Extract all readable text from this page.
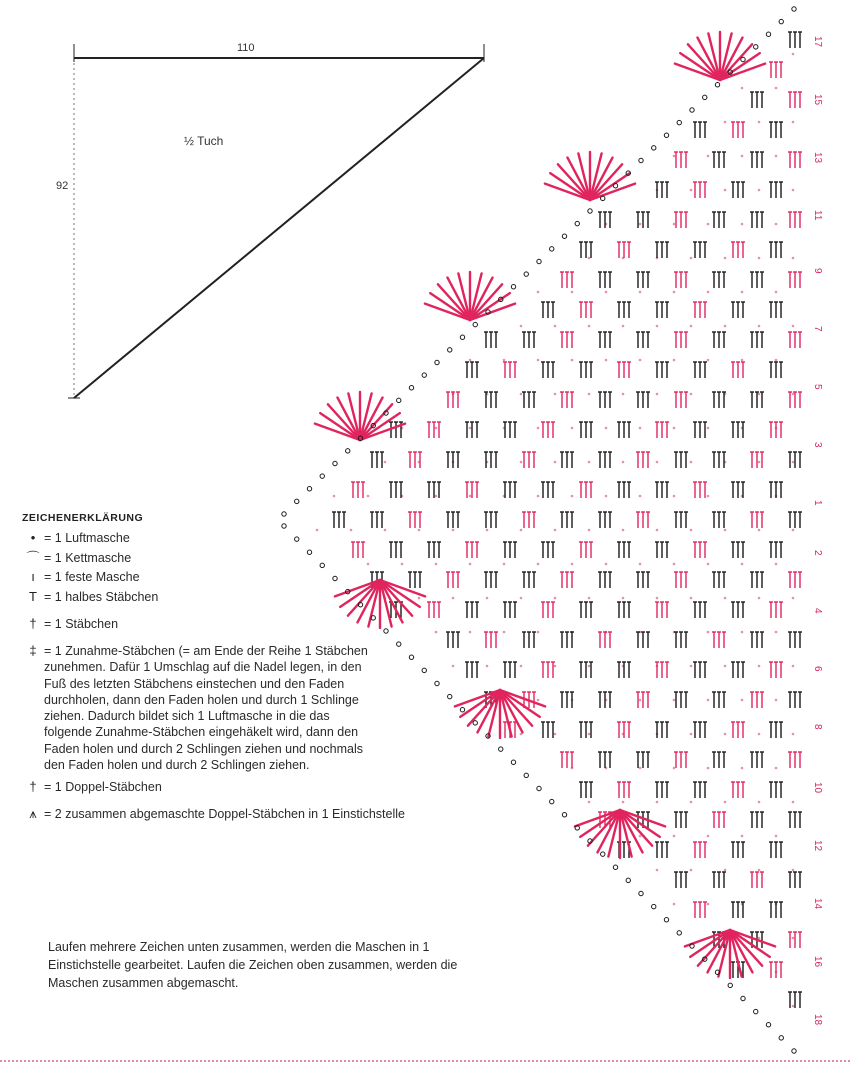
110
92
½ Tuch
1
3
5
7
9
11
13
15
17
2
4
6
8
10
12
14
16
18
ZEICHENERKLÄRUNG
• = 1 Luftmasche
⌒ = 1 Kettmasche
ı = 1 feste Masche
T = 1 halbes Stäbchen
† = 1 Stäbchen
‡ = 1 Zunahme-Stäbchen (= am Ende der Reihe 1 Stäbchen zunehmen. Dafür 1 Umschlag auf die Nadel legen, in den Fuß des letzten Stäbchens einstechen und den Faden durchholen, dann den Faden holen und durch 1 Schlinge ziehen. Dadurch bildet sich 1 Luftmasche in die das folgende Zunahme-Stäbchen eingehäkelt wird, dann den Faden holen und durch 2 Schlingen ziehen und nochmals den Faden holen und durch 2 Schlingen ziehen.
† = 1 Doppel-Stäbchen
⩚ = 2 zusammen abgemaschte Doppel-Stäbchen in 1 Einstichstelle
Laufen mehrere Zeichen unten zusammen, werden die Maschen in 1 Einstichstelle gearbeitet. Laufen die Zeichen oben zusammen, werden die Maschen zusammen abgemascht.
